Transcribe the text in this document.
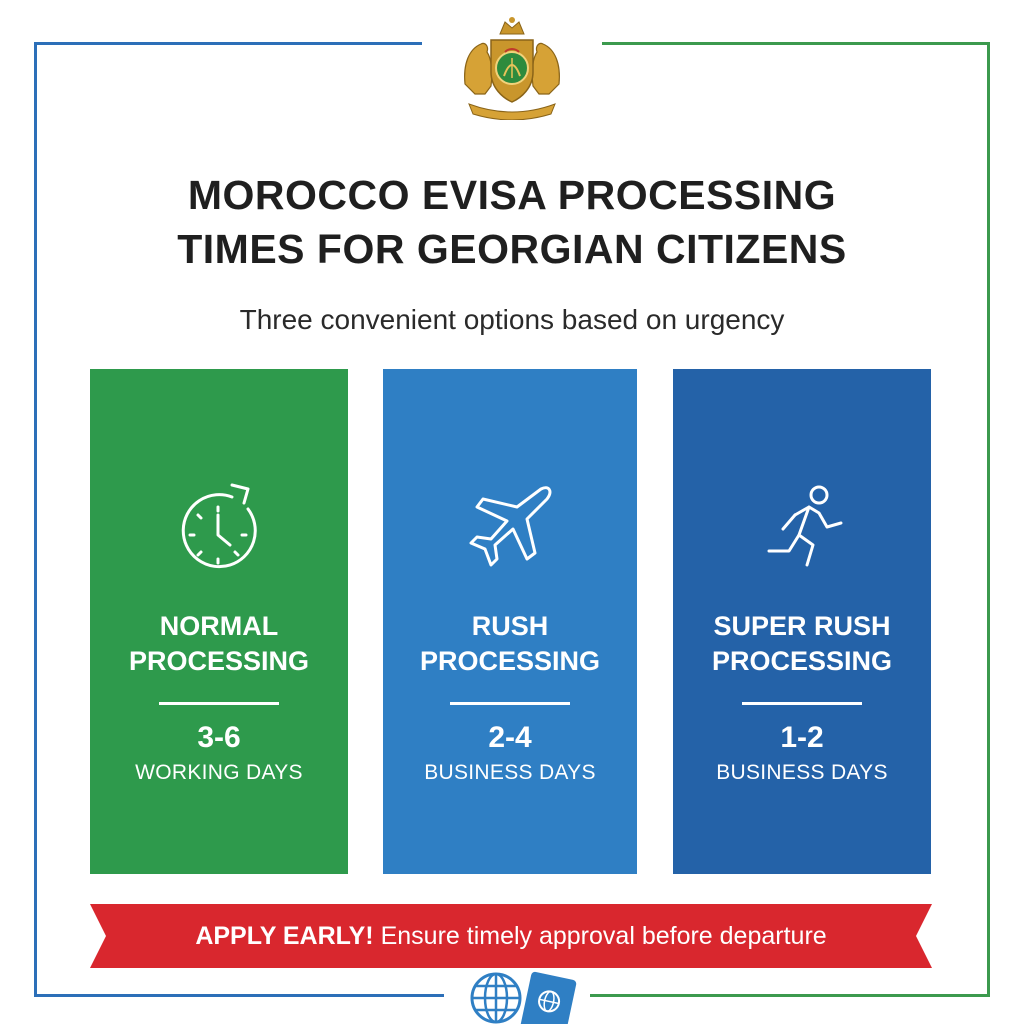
MOROCCO EVISA PROCESSING
TIMES FOR GEORGIAN CITIZENS
Three convenient options based on urgency
NORMAL
PROCESSING
3-6
WORKING DAYS
RUSH
PROCESSING
2-4
BUSINESS DAYS
SUPER RUSH
PROCESSING
1-2
BUSINESS DAYS
APPLY EARLY! Ensure timely approval before departure
